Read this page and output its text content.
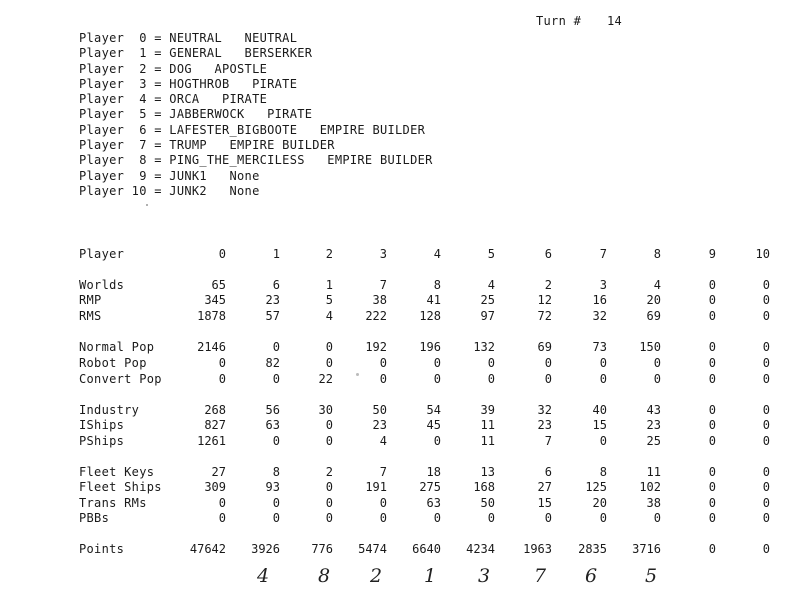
Turn # 14
Player  0 = NEUTRAL   NEUTRAL
Player  1 = GENERAL   BERSERKER
Player  2 = DOG   APOSTLE
Player  3 = HOGTHROB   PIRATE
Player  4 = ORCA   PIRATE
Player  5 = JABBERWOCK   PIRATE
Player  6 = LAFESTER_BIGBOOTE   EMPIRE BUILDER
Player  7 = TRUMP   EMPIRE BUILDER
Player  8 = PING_THE_MERCILESS   EMPIRE BUILDER
Player  9 = JUNK1   None
Player 10 = JUNK2   None
Player	0	1	2	3	4	5	6	7	8	9	10
Worlds	65	6	1	7	8	4	2	3	4	0	0
RMP	345	23	5	38	41	25	12	16	20	0	0
RMS	1878	57	4	222	128	97	72	32	69	0	0
Normal Pop	2146	0	0	192	196	132	69	73	150	0	0
Robot Pop	0	82	0	0	0	0	0	0	0	0	0
Convert Pop	0	0	22	0	0	0	0	0	0	0	0
Industry	268	56	30	50	54	39	32	40	43	0	0
IShips	827	63	0	23	45	11	23	15	23	0	0
PShips	1261	0	0	4	0	11	7	0	25	0	0
Fleet Keys	27	8	2	7	18	13	6	8	11	0	0
Fleet Ships	309	93	0	191	275	168	27	125	102	0	0
Trans RMs	0	0	0	0	63	50	15	20	38	0	0
PBBs	0	0	0	0	0	0	0	0	0	0	0
Points	47642	3926	776	5474	6640	4234	1963	2835	3716	0	0
4	8 2 1 3 7 6	5
